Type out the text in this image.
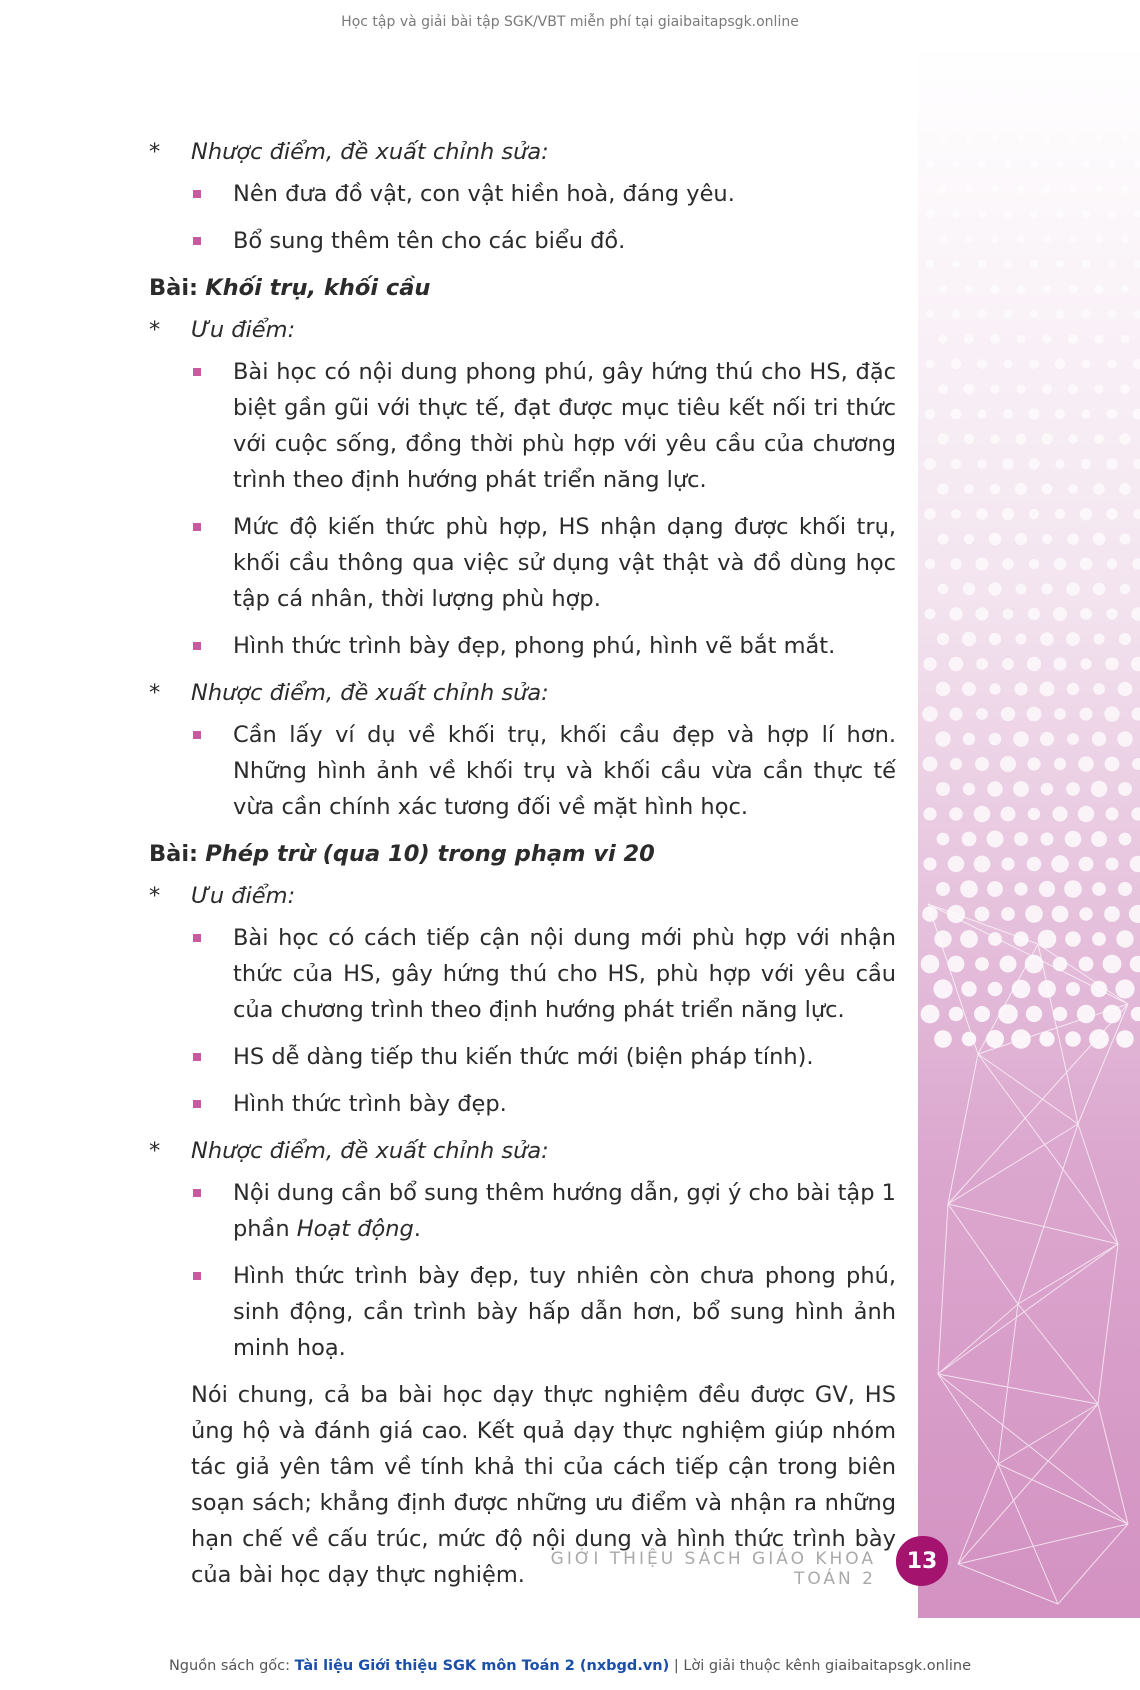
Học tập và giải bài tập SGK/VBT miễn phí tại giaibaitapsgk.online
* Nhược điểm, đề xuất chỉnh sửa:
Nên đưa đồ vật, con vật hiền hoà, đáng yêu.
Bổ sung thêm tên cho các biểu đồ.
Bài: Khối trụ, khối cầu
* Ưu điểm:
Bài học có nội dung phong phú, gây hứng thú cho HS, đặc biệt gần gũi với thực tế, đạt được mục tiêu kết nối tri thức với cuộc sống, đồng thời phù hợp với yêu cầu của chương trình theo định hướng phát triển năng lực.
Mức độ kiến thức phù hợp, HS nhận dạng được khối trụ, khối cầu thông qua việc sử dụng vật thật và đồ dùng học tập cá nhân, thời lượng phù hợp.
Hình thức trình bày đẹp, phong phú, hình vẽ bắt mắt.
* Nhược điểm, đề xuất chỉnh sửa:
Cần lấy ví dụ về khối trụ, khối cầu đẹp và hợp lí hơn. Những hình ảnh về khối trụ và khối cầu vừa cần thực tế vừa cần chính xác tương đối về mặt hình học.
Bài: Phép trừ (qua 10) trong phạm vi 20
* Ưu điểm:
Bài học có cách tiếp cận nội dung mới phù hợp với nhận thức của HS, gây hứng thú cho HS, phù hợp với yêu cầu của chương trình theo định hướng phát triển năng lực.
HS dễ dàng tiếp thu kiến thức mới (biện pháp tính).
Hình thức trình bày đẹp.
* Nhược điểm, đề xuất chỉnh sửa:
Nội dung cần bổ sung thêm hướng dẫn, gợi ý cho bài tập 1 phần Hoạt động.
Hình thức trình bày đẹp, tuy nhiên còn chưa phong phú, sinh động, cần trình bày hấp dẫn hơn, bổ sung hình ảnh minh hoạ.
Nói chung, cả ba bài học dạy thực nghiệm đều được GV, HS ủng hộ và đánh giá cao. Kết quả dạy thực nghiệm giúp nhóm tác giả yên tâm về tính khả thi của cách tiếp cận trong biên soạn sách; khẳng định được những ưu điểm và nhận ra những hạn chế về cấu trúc, mức độ nội dung và hình thức trình bày của bài học dạy thực nghiệm.
GIỚI THIỆU SÁCH GIÁO KHOA TOÁN 2
13
Nguồn sách gốc: Tài liệu Giới thiệu SGK môn Toán 2 (nxbgd.vn) | Lời giải thuộc kênh giaibaitapsgk.online
